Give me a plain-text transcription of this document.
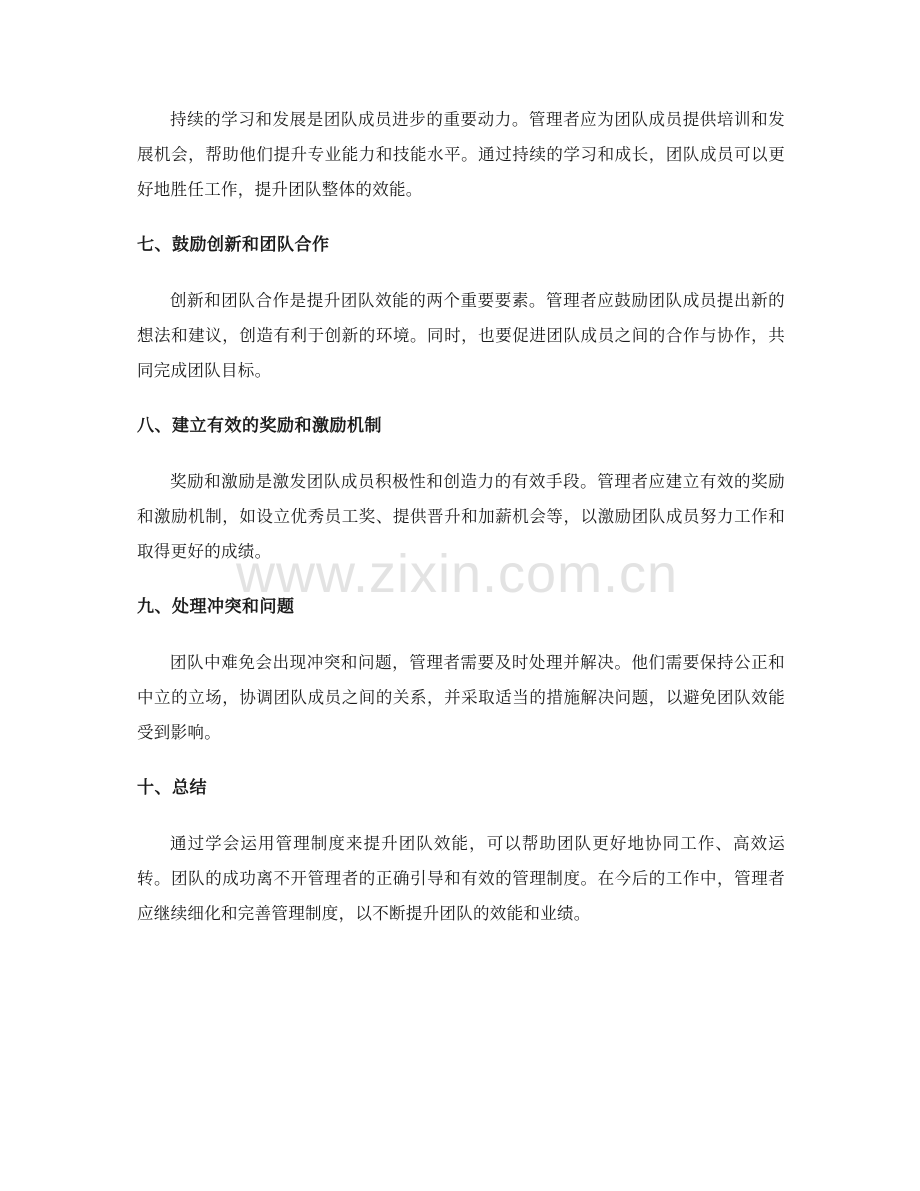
持续的学习和发展是团队成员进步的重要动力。管理者应为团队成员提供培训和发展机会，帮助他们提升专业能力和技能水平。通过持续的学习和成长，团队成员可以更好地胜任工作，提升团队整体的效能。

七、鼓励创新和团队合作

创新和团队合作是提升团队效能的两个重要要素。管理者应鼓励团队成员提出新的想法和建议，创造有利于创新的环境。同时，也要促进团队成员之间的合作与协作，共同完成团队目标。

八、建立有效的奖励和激励机制

奖励和激励是激发团队成员积极性和创造力的有效手段。管理者应建立有效的奖励和激励机制，如设立优秀员工奖、提供晋升和加薪机会等，以激励团队成员努力工作和取得更好的成绩。

九、处理冲突和问题

团队中难免会出现冲突和问题，管理者需要及时处理并解决。他们需要保持公正和中立的立场，协调团队成员之间的关系，并采取适当的措施解决问题，以避免团队效能受到影响。

十、总结

通过学会运用管理制度来提升团队效能，可以帮助团队更好地协同工作、高效运转。团队的成功离不开管理者的正确引导和有效的管理制度。在今后的工作中，管理者应继续细化和完善管理制度，以不断提升团队的效能和业绩。

www.zixin.com.cn
